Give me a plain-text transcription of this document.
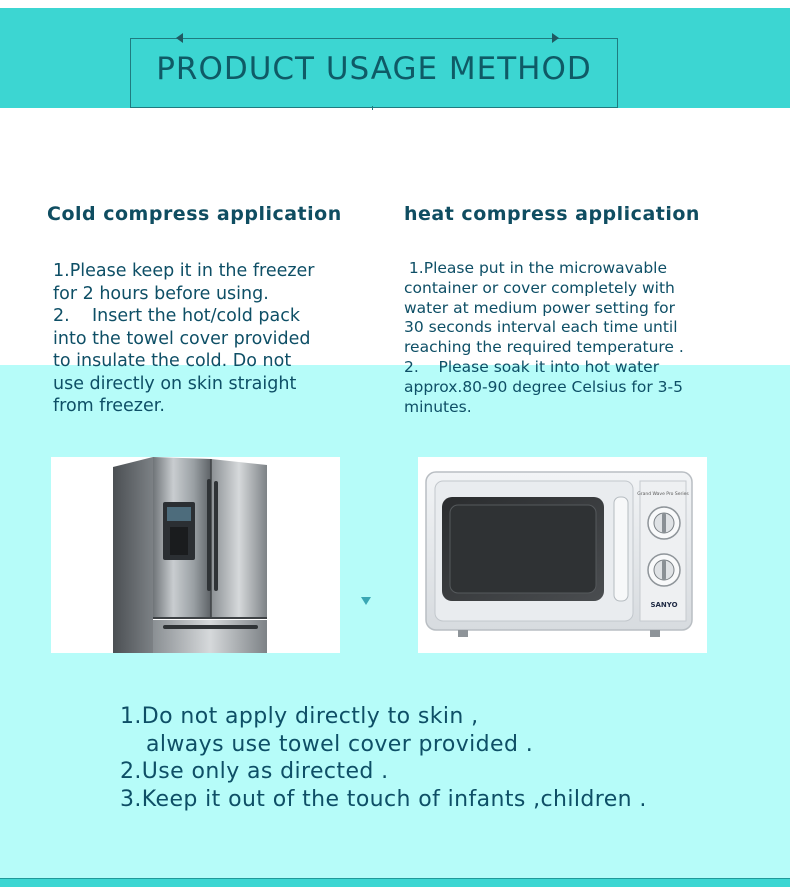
PRODUCT USAGE METHOD
Cold compress application	heat compress application

1.Please keep it in the freezer

for 2 hours before using.

2.    Insert the hot/cold pack

into the towel cover provided

to insulate the cold. Do not

use directly on skin straight

from freezer.

1.Please put in the microwavable

container or cover completely with

water at medium power setting for

30 seconds interval each time until

reaching the required temperature .

2.    Please soak it into hot water

approx.80-90 degree Celsius for 3-5

minutes.

Grand Wave Pro Series
SANYO

1.Do not apply directly to skin ,

always use towel cover provided .

2.Use only as directed .

3.Keep it out of the touch of infants ,children .
